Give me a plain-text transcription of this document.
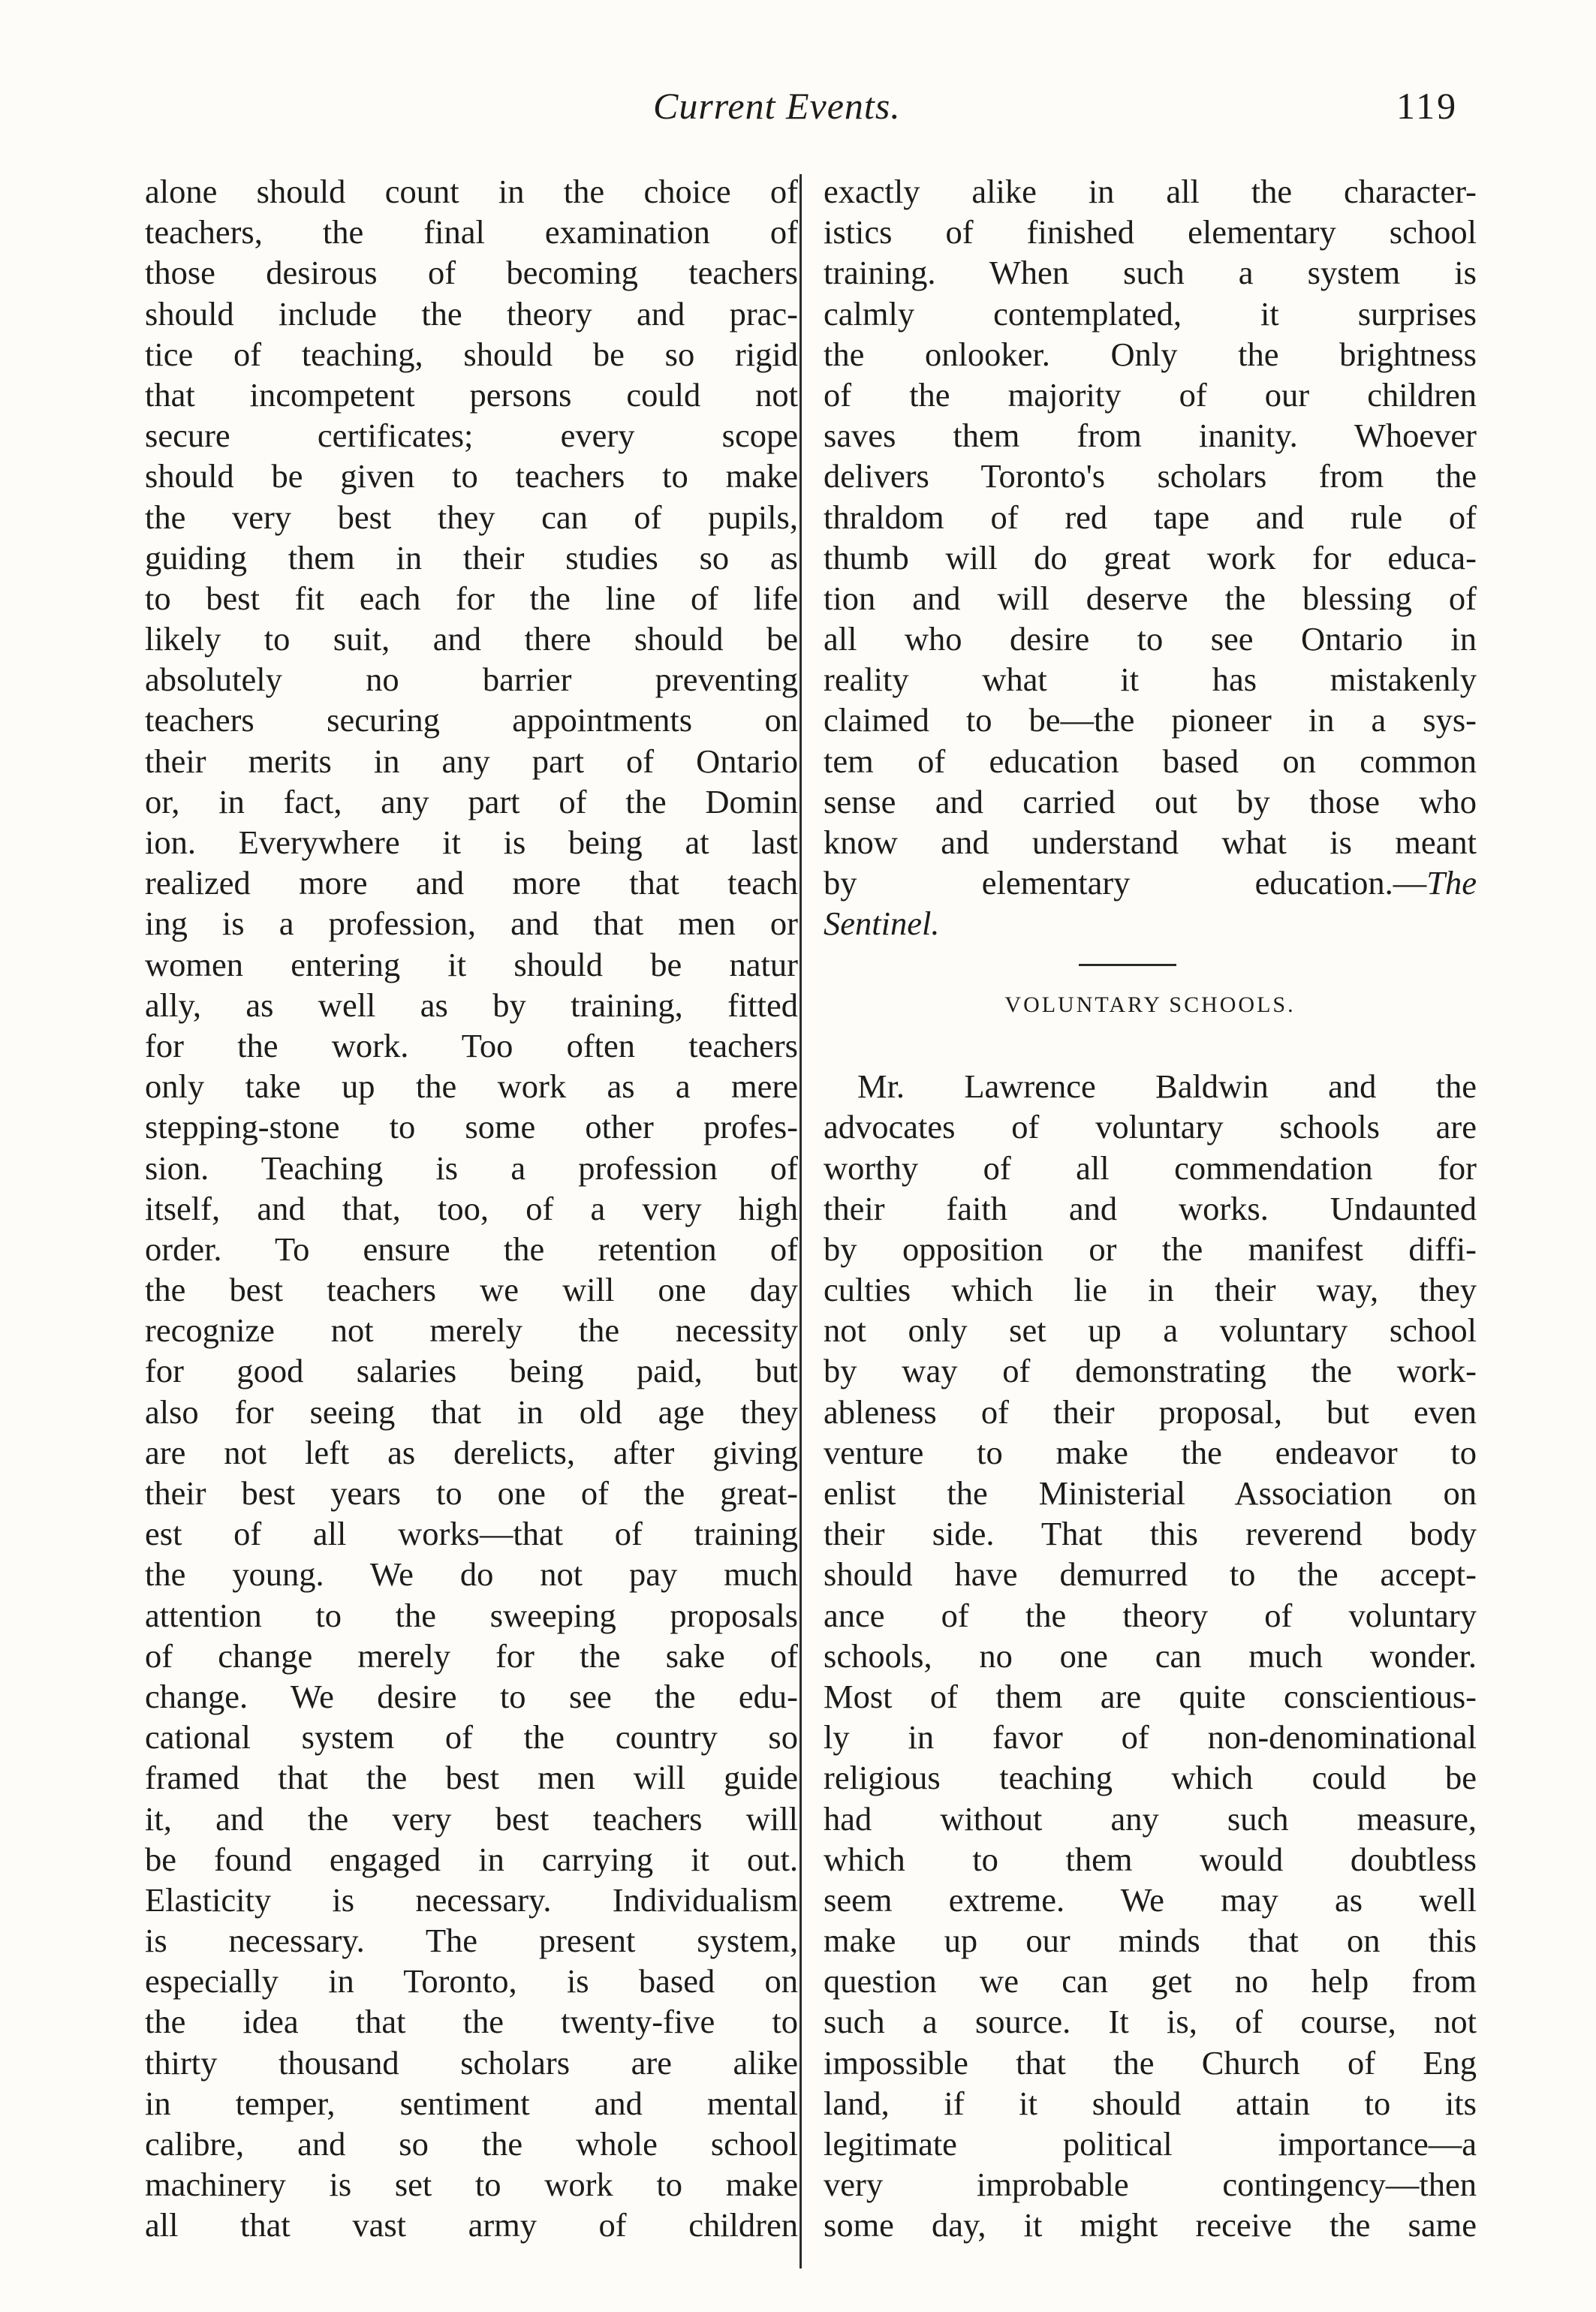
Current Events.	119
alone should count in the choice of
teachers, the final examination of
those desirous of becoming teachers
should include the theory and prac-
tice of teaching, should be so rigid
that incompetent persons could not
secure certificates; every scope
should be given to teachers to make
the very best they can of pupils,
guiding them in their studies so as
to best fit each for the line of life
likely to suit, and there should be
absolutely no barrier preventing
teachers securing appointments on
their merits in any part of Ontario
or, in fact, any part of the Domin
ion. Everywhere it is being at last
realized more and more that teach
ing is a profession, and that men or
women entering it should be natur
ally, as well as by training, fitted
for the work. Too often teachers
only take up the work as a mere
stepping-stone to some other profes-
sion. Teaching is a profession of
itself, and that, too, of a very high
order. To ensure the retention of
the best teachers we will one day
recognize not merely the necessity
for good salaries being paid, but
also for seeing that in old age they
are not left as derelicts, after giving
their best years to one of the great-
est of all works—that of training
the young. We do not pay much
attention to the sweeping proposals
of change merely for the sake of
change. We desire to see the edu-
cational system of the country so
framed that the best men will guide
it, and the very best teachers will
be found engaged in carrying it out.
Elasticity is necessary. Individualism
is necessary. The present system,
especially in Toronto, is based on
the idea that the twenty-five to
thirty thousand scholars are alike
in temper, sentiment and mental
calibre, and so the whole school
machinery is set to work to make
all that vast army of children
exactly alike in all the character-
istics of finished elementary school
training. When such a system is
calmly contemplated, it surprises
the onlooker. Only the brightness
of the majority of our children
saves them from inanity. Whoever
delivers Toronto's scholars from the
thraldom of red tape and rule of
thumb will do great work for educa-
tion and will deserve the blessing of
all who desire to see Ontario in
reality what it has mistakenly
claimed to be—the pioneer in a sys-
tem of education based on common
sense and carried out by those who
know and understand what is meant
by elementary education.—The
Sentinel.
VOLUNTARY SCHOOLS.
Mr. Lawrence Baldwin and the
advocates of voluntary schools are
worthy of all commendation for
their faith and works. Undaunted
by opposition or the manifest diffi-
culties which lie in their way, they
not only set up a voluntary school
by way of demonstrating the work-
ableness of their proposal, but even
venture to make the endeavor to
enlist the Ministerial Association on
their side. That this reverend body
should have demurred to the accept-
ance of the theory of voluntary
schools, no one can much wonder.
Most of them are quite conscientious-
ly in favor of non-denominational
religious teaching which could be
had without any such measure,
which to them would doubtless
seem extreme. We may as well
make up our minds that on this
question we can get no help from
such a source. It is, of course, not
impossible that the Church of Eng
land, if it should attain to its
legitimate political importance—a
very improbable contingency—then
some day, it might receive the same
